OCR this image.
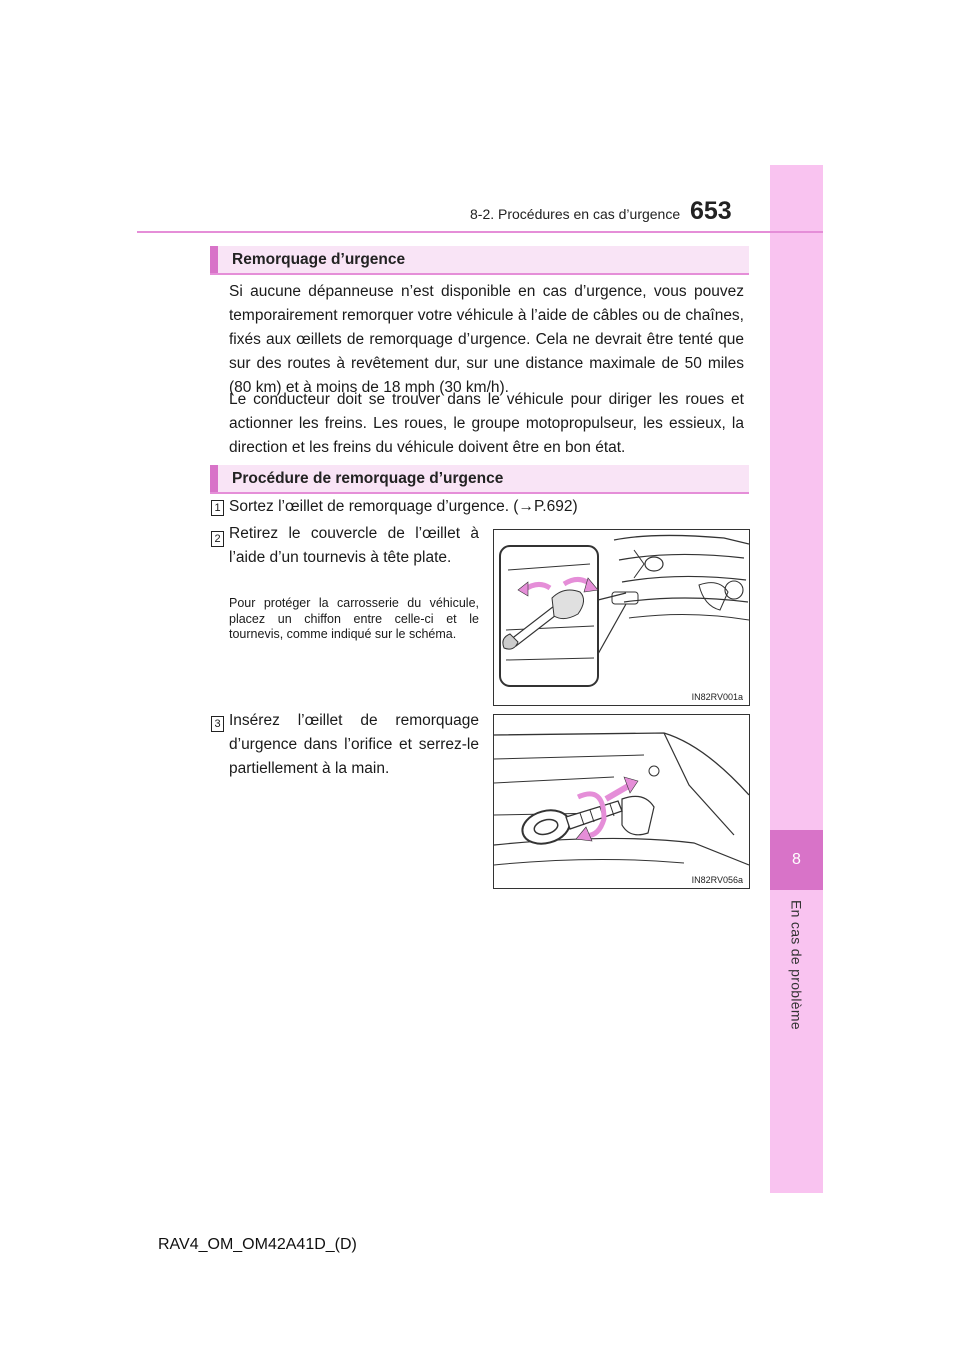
8
En cas de problème
8-2. Procédures en cas d’urgence 653
Remorquage d’urgence

Si aucune dépanneuse n’est disponible en cas d’urgence, vous pouvez temporairement remorquer votre véhicule à l’aide de câbles ou de chaînes, fixés aux œillets de remorquage d’urgence. Cela ne devrait être tenté que sur des routes à revêtement dur, sur une distance maximale de 50 miles (80 km) et à moins de 18 mph (30 km/h).

Le conducteur doit se trouver dans le véhicule pour diriger les roues et actionner les freins. Les roues, le groupe motopropulseur, les essieux, la direction et les freins du véhicule doivent être en bon état.

Procédure de remorquage d’urgence
1 Sortez l’œillet de remorquage d’urgence. (→P.692)

2 Retirez le couvercle de l’œillet à l’aide d’un tournevis à tête plate.

Pour protéger la carrosserie du véhicule, placez un chiffon entre celle-ci et le tournevis, comme indiqué sur le schéma.

IN82RV001a
3 Insérez l’œillet de remorquage d’urgence dans l’orifice et serrez-le partiellement à la main.

IN82RV056a
RAV4_OM_OM42A41D_(D)
